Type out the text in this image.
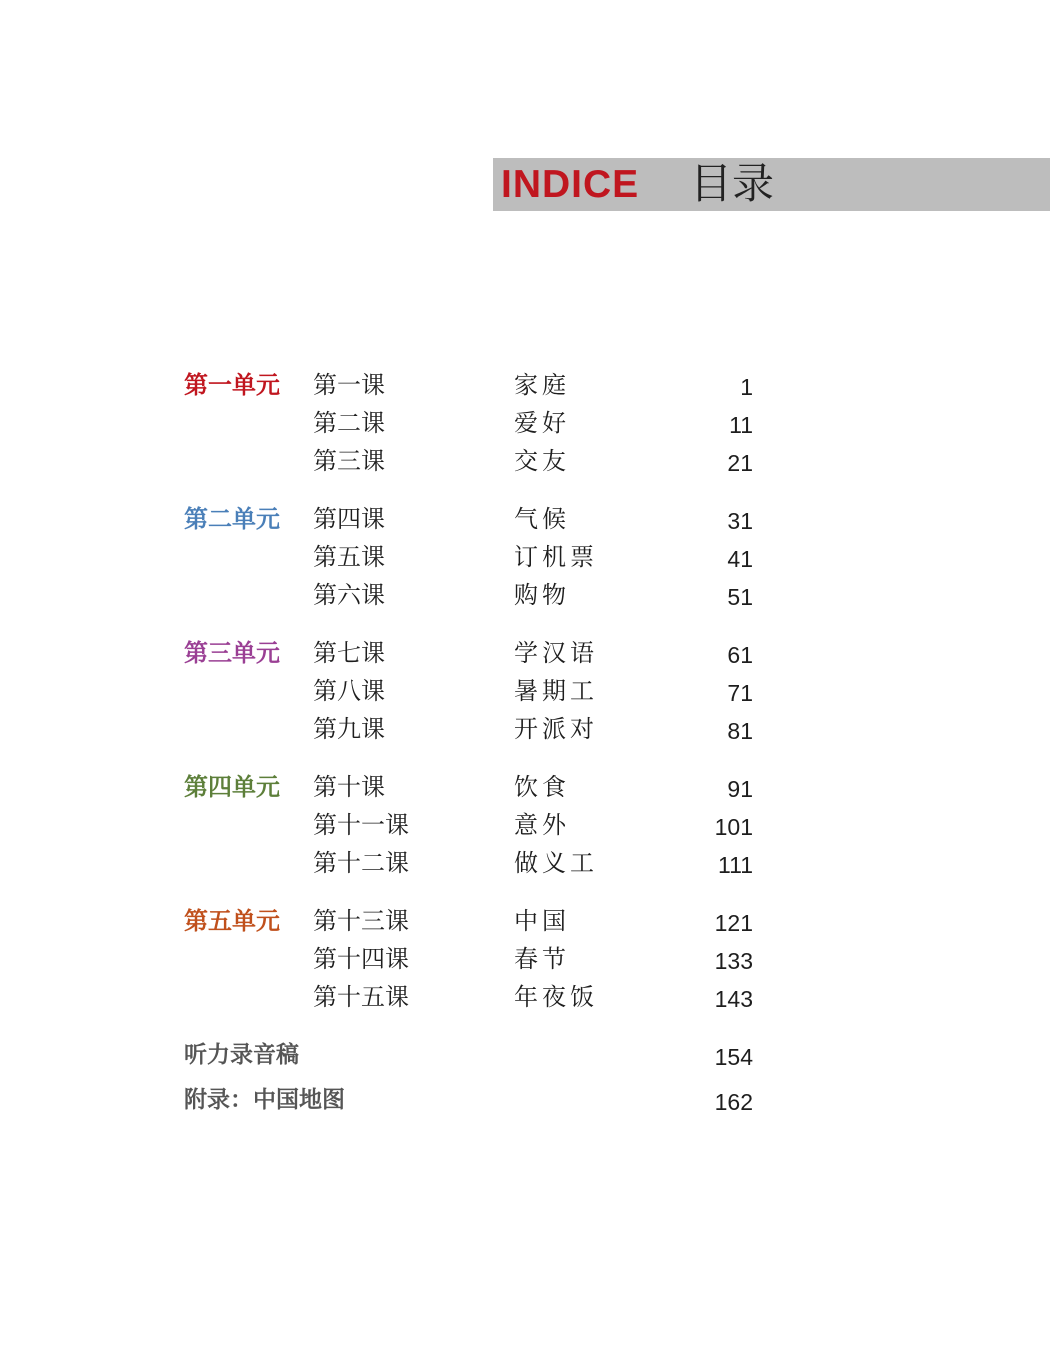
INDICE 目录
第一单元 第一课	家庭	1
第二课	爱好	11
第三课	交友	21
第二单元 第四课	气候	31
第五课	订机票	41
第六课	购物	51
第三单元 第七课	学汉语	61
第八课	暑期工	71
第九课	开派对	81
第四单元 第十课	饮食	91
第十一课	意外	101
第十二课	做义工	111
第五单元 第十三课	中国	121
第十四课	春节	133
第十五课	年夜饭	143
听力录音稿	154
附录：中国地图	162
